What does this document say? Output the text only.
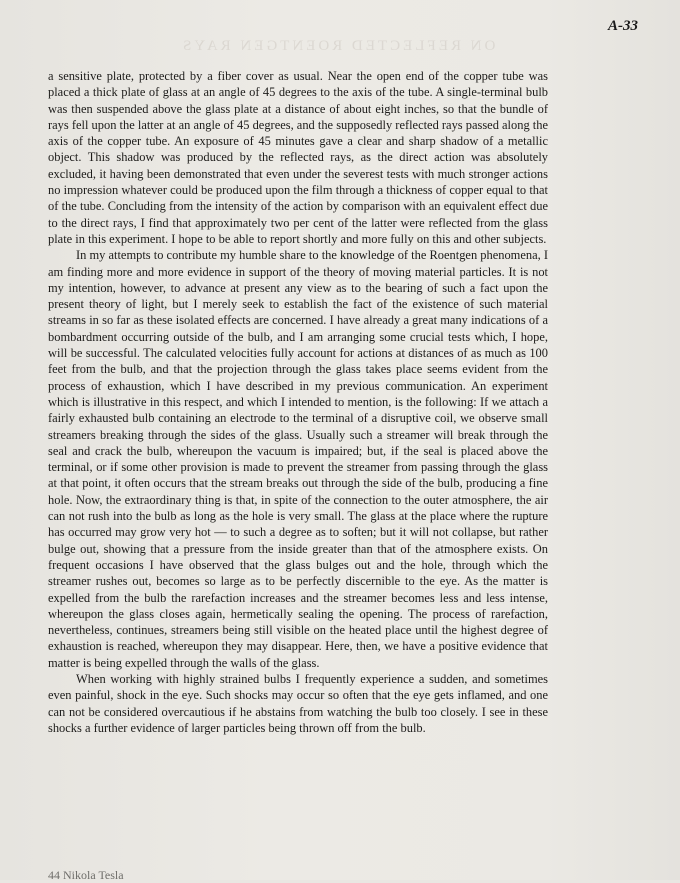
ON REFLECTED ROENTGEN RAYS
A-33

a sensitive plate, protected by a fiber cover as usual. Near the open end of the copper tube was placed a thick plate of glass at an angle of 45 degrees to the axis of the tube. A single-terminal bulb was then suspended above the glass plate at a distance of about eight inches, so that the bundle of rays fell upon the latter at an angle of 45 degrees, and the supposedly reflected rays passed along the axis of the copper tube. An exposure of 45 minutes gave a clear and sharp shadow of a metallic object. This shadow was produced by the reflected rays, as the direct action was absolutely excluded, it having been demonstrated that even under the severest tests with much stronger actions no impression whatever could be produced upon the film through a thickness of copper equal to that of the tube. Concluding from the intensity of the action by comparison with an equivalent effect due to the direct rays, I find that approximately two per cent of the latter were reflected from the glass plate in this experiment. I hope to be able to report shortly and more fully on this and other subjects.

In my attempts to contribute my humble share to the knowledge of the Roentgen phenomena, I am finding more and more evidence in support of the theory of moving material particles. It is not my intention, however, to advance at present any view as to the bearing of such a fact upon the present theory of light, but I merely seek to establish the fact of the existence of such material streams in so far as these isolated effects are concerned. I have already a great many indications of a bombardment occurring outside of the bulb, and I am arranging some crucial tests which, I hope, will be successful. The calculated velocities fully account for actions at distances of as much as 100 feet from the bulb, and that the projection through the glass takes place seems evident from the process of exhaustion, which I have described in my previous communication. An experiment which is illustrative in this respect, and which I intended to mention, is the following: If we attach a fairly exhausted bulb containing an electrode to the terminal of a disruptive coil, we observe small streamers breaking through the sides of the glass. Usually such a streamer will break through the seal and crack the bulb, whereupon the vacuum is impaired; but, if the seal is placed above the terminal, or if some other provision is made to prevent the streamer from passing through the glass at that point, it often occurs that the stream breaks out through the side of the bulb, producing a fine hole. Now, the extraordinary thing is that, in spite of the connection to the outer atmosphere, the air can not rush into the bulb as long as the hole is very small. The glass at the place where the rupture has occurred may grow very hot — to such a degree as to soften; but it will not collapse, but rather bulge out, showing that a pressure from the inside greater than that of the atmosphere exists. On frequent occasions I have observed that the glass bulges out and the hole, through which the streamer rushes out, becomes so large as to be perfectly discernible to the eye. As the matter is expelled from the bulb the rarefaction increases and the streamer becomes less and less intense, whereupon the glass closes again, hermetically sealing the opening. The process of rarefaction, nevertheless, continues, streamers being still visible on the heated place until the highest degree of exhaustion is reached, whereupon they may disappear. Here, then, we have a positive evidence that matter is being expelled through the walls of the glass.

When working with highly strained bulbs I frequently experience a sudden, and sometimes even painful, shock in the eye. Such shocks may occur so often that the eye gets inflamed, and one can not be considered overcautious if he abstains from watching the bulb too closely. I see in these shocks a further evidence of larger particles being thrown off from the bulb.

44 Nikola Tesla
